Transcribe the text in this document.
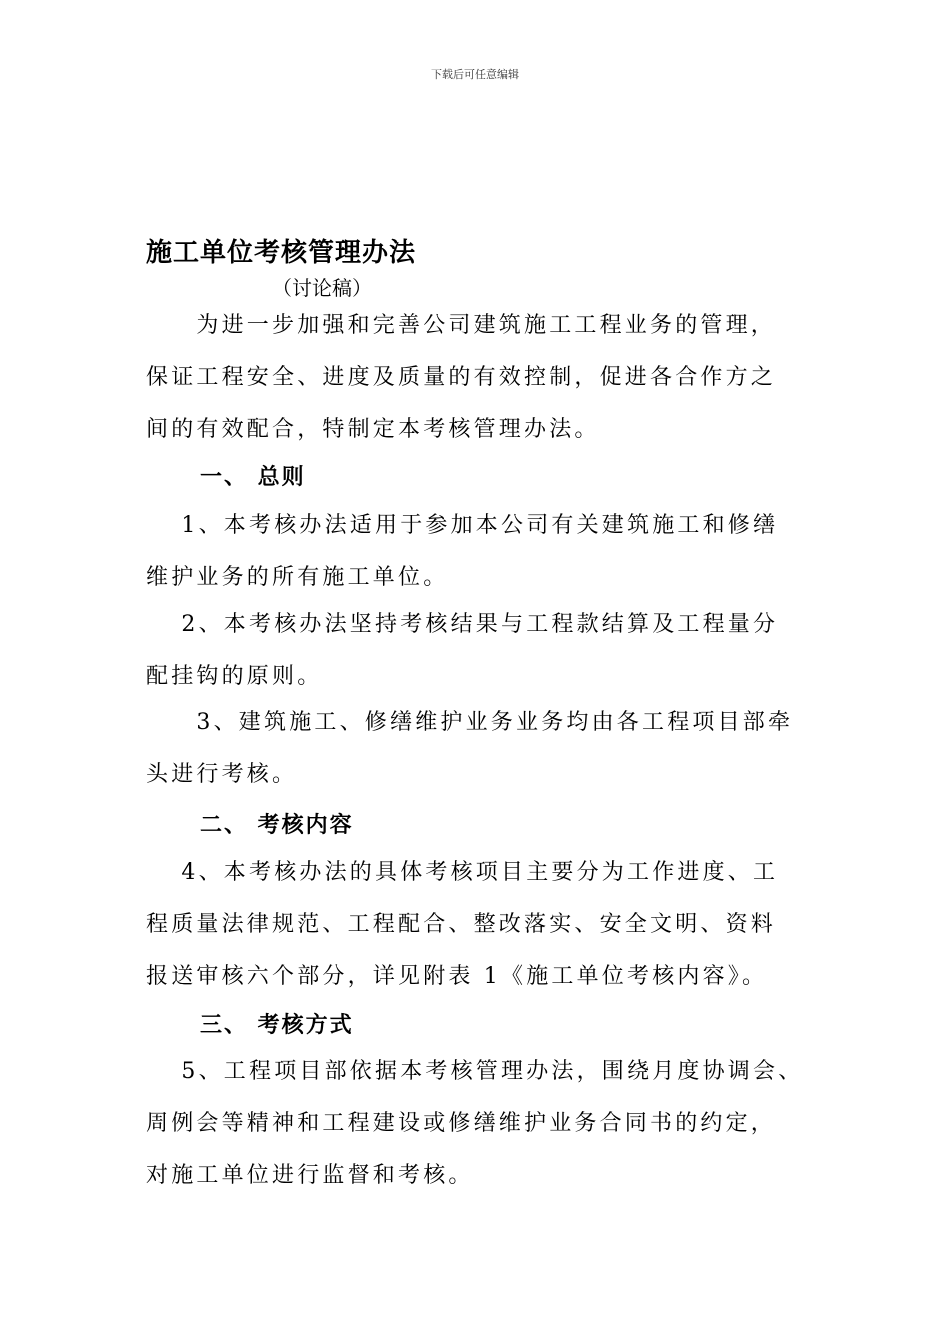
下载后可任意编辑
施工单位考核管理办法
（讨论稿）

　　为进一步加强和完善公司建筑施工工程业务的管理，
保证工程安全、进度及质量的有效控制，促进各合作方之
间的有效配合，特制定本考核管理办法。

一、 总则

　 1、本考核办法适用于参加本公司有关建筑施工和修缮
维护业务的所有施工单位。

　 2、本考核办法坚持考核结果与工程款结算及工程量分
配挂钩的原则。

　　3、建筑施工、修缮维护业务业务均由各工程项目部牵
头进行考核。

二、 考核内容

　 4、本考核办法的具体考核项目主要分为工作进度、工
程质量法律规范、工程配合、整改落实、安全文明、资料
报送审核六个部分，详见附表 1《施工单位考核内容》。

三、 考核方式

　 5、工程项目部依据本考核管理办法，围绕月度协调会、
周例会等精神和工程建设或修缮维护业务合同书的约定，
对施工单位进行监督和考核。
